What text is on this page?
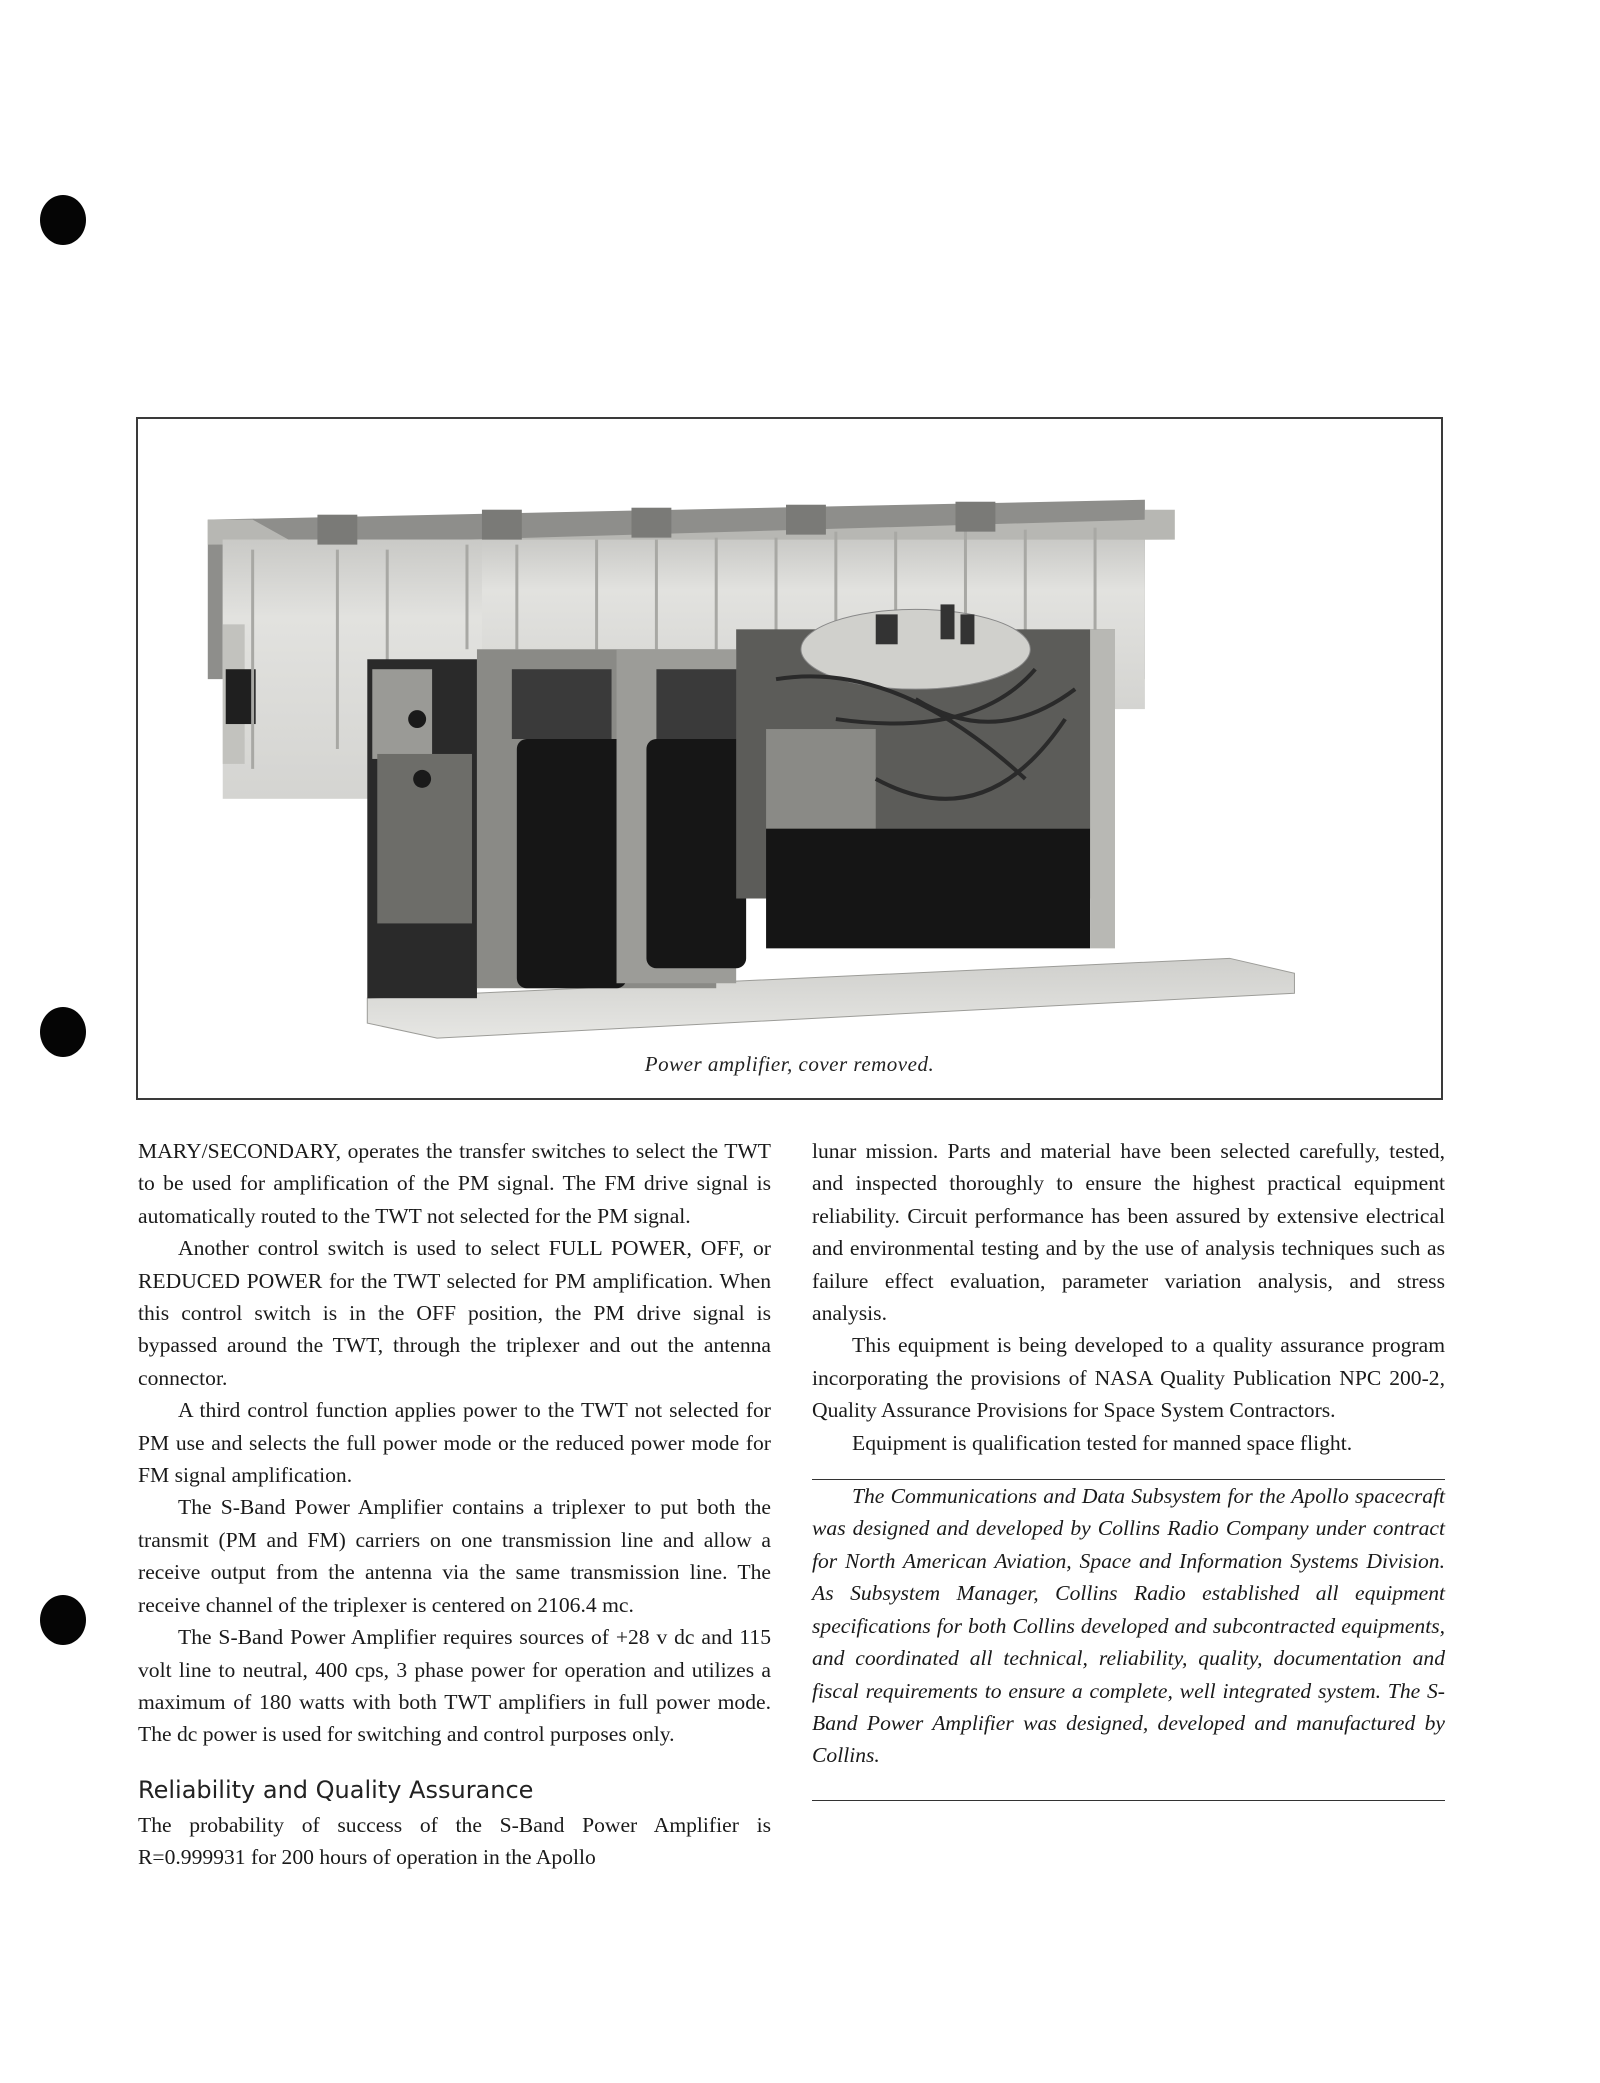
Power amplifier, cover removed.

MARY/SECONDARY, operates the transfer switches to select the TWT to be used for amplification of the PM signal. The FM drive signal is automatically routed to the TWT not selected for the PM signal.

Another control switch is used to select FULL POWER, OFF, or REDUCED POWER for the TWT selected for PM amplification. When this control switch is in the OFF position, the PM drive signal is bypassed around the TWT, through the triplexer and out the antenna connector.

A third control function applies power to the TWT not selected for PM use and selects the full power mode or the reduced power mode for FM signal amplification.

The S-Band Power Amplifier contains a triplexer to put both the transmit (PM and FM) carriers on one transmission line and allow a receive output from the antenna via the same transmission line. The receive channel of the triplexer is centered on 2106.4 mc.

The S-Band Power Amplifier requires sources of +28 v dc and 115 volt line to neutral, 400 cps, 3 phase power for operation and utilizes a maximum of 180 watts with both TWT amplifiers in full power mode. The dc power is used for switching and control purposes only.

Reliability and Quality Assurance

The probability of success of the S-Band Power Amplifier is R=0.999931 for 200 hours of operation in the Apollo

lunar mission. Parts and material have been selected carefully, tested, and inspected thoroughly to ensure the highest practical equipment reliability. Circuit performance has been assured by extensive electrical and environmental testing and by the use of analysis techniques such as failure effect evaluation, parameter variation analysis, and stress analysis.

This equipment is being developed to a quality assurance program incorporating the provisions of NASA Quality Publication NPC 200-2, Quality Assurance Provisions for Space System Contractors.

Equipment is qualification tested for manned space flight.

The Communications and Data Subsystem for the Apollo spacecraft was designed and developed by Collins Radio Company under contract for North American Aviation, Space and Information Systems Division. As Subsystem Manager, Collins Radio established all equipment specifications for both Collins developed and subcontracted equipments, and coordinated all technical, reliability, quality, documentation and fiscal requirements to ensure a complete, well integrated system. The S-Band Power Amplifier was designed, developed and manufactured by Collins.
